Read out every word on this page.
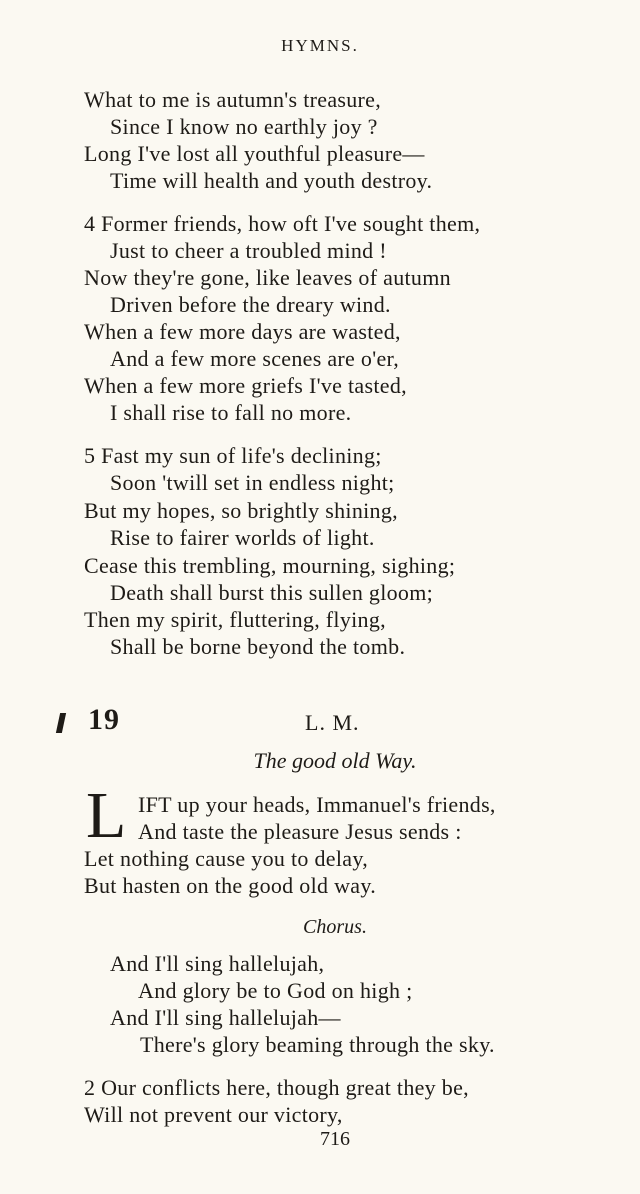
HYMNS.
What to me is autumn's treasure,
Since I know no earthly joy ?
Long I've lost all youthful pleasure—
Time will health and youth destroy.
4 Former friends, how oft I've sought them,
Just to cheer a troubled mind !
Now they're gone, like leaves of autumn
Driven before the dreary wind.
When a few more days are wasted,
And a few more scenes are o'er,
When a few more griefs I've tasted,
I shall rise to fall no more.
5 Fast my sun of life's declining;
Soon 'twill set in endless night;
But my hopes, so brightly shining,
Rise to fairer worlds of light.
Cease this trembling, mourning, sighing;
Death shall burst this sullen gloom;
Then my spirit, fluttering, flying,
Shall be borne beyond the tomb.
19	L. M.
The good old Way.
L IFT up your heads, Immanuel's friends,
And taste the pleasure Jesus sends :
Let nothing cause you to delay,
But hasten on the good old way.
Chorus.
And I'll sing hallelujah,
And glory be to God on high ;
And I'll sing hallelujah—
There's glory beaming through the sky.
2 Our conflicts here, though great they be,
Will not prevent our victory,
716
